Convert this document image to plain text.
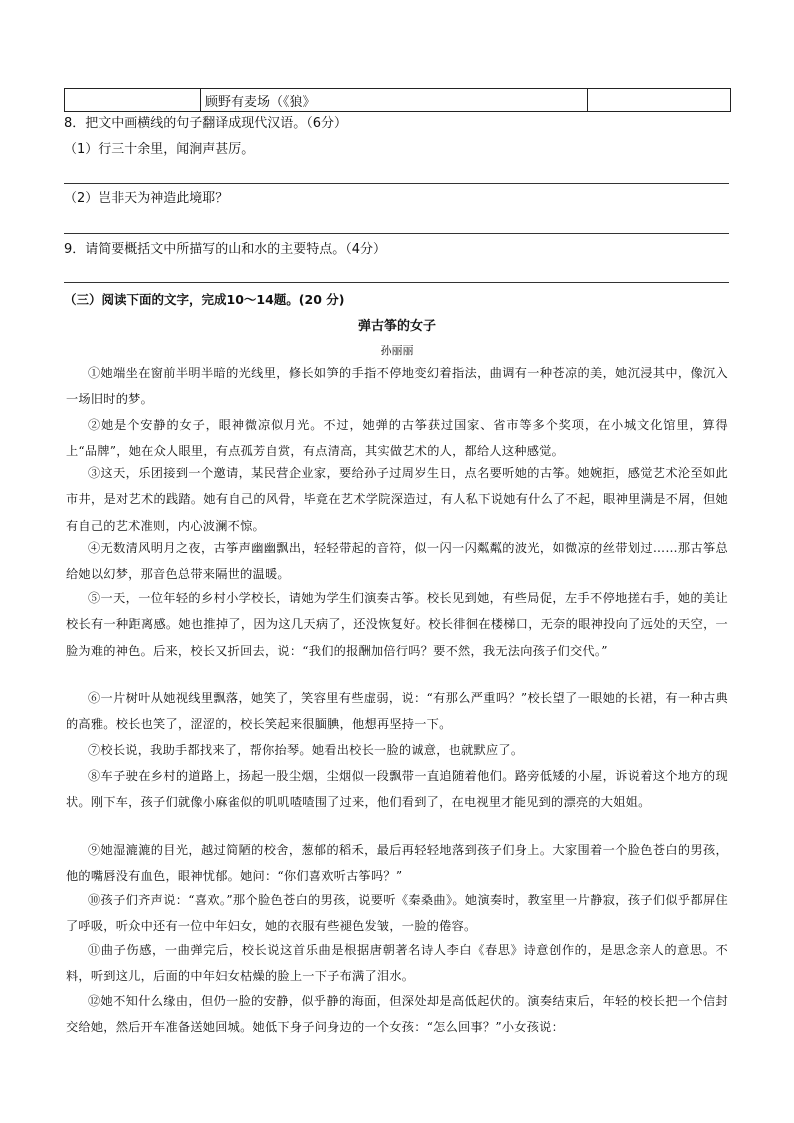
	顾野有麦场（《狼》	
8．把文中画横线的句子翻译成现代汉语。（6分）
（1）行三十余里，闻涧声甚厉。
（2）岂非天为神造此境耶？
9．请简要概括文中所描写的山和水的主要特点。（4分）
（三）阅读下面的文字，完成10～14题。(20 分)
弹古筝的女子
孙丽丽

①她端坐在窗前半明半暗的光线里，修长如笋的手指不停地变幻着指法，曲调有一种苍凉的美，她沉浸其中，像沉入一场旧时的梦。

②她是个安静的女子，眼神微凉似月光。不过，她弹的古筝获过国家、省市等多个奖项，在小城文化馆里，算得上“品牌”，她在众人眼里，有点孤芳自赏，有点清高，其实做艺术的人，都给人这种感觉。

③这天，乐团接到一个邀请，某民营企业家，要给孙子过周岁生日，点名要听她的古筝。她婉拒，感觉艺术沦至如此市井，是对艺术的践踏。她有自己的风骨，毕竟在艺术学院深造过，有人私下说她有什么了不起，眼神里满是不屑，但她有自己的艺术准则，内心波澜不惊。

④无数清风明月之夜，古筝声幽幽飘出，轻轻带起的音符，似一闪一闪粼粼的波光，如微凉的丝带划过……那古筝总给她以幻梦，那音色总带来隔世的温暖。

⑤一天，一位年轻的乡村小学校长，请她为学生们演奏古筝。校长见到她，有些局促，左手不停地搓右手，她的美让校长有一种距离感。她也推掉了，因为这几天病了，还没恢复好。校长徘徊在楼梯口，无奈的眼神投向了远处的天空，一脸为难的神色。后来，校长又折回去，说：“我们的报酬加倍行吗？要不然，我无法向孩子们交代。”

⑥一片树叶从她视线里飘落，她笑了，笑容里有些虚弱，说：“有那么严重吗？”校长望了一眼她的长裙，有一种古典的高雅。校长也笑了，涩涩的，校长笑起来很腼腆，他想再坚持一下。

⑦校长说，我助手都找来了，帮你抬琴。她看出校长一脸的诚意，也就默应了。

⑧车子驶在乡村的道路上，扬起一股尘烟，尘烟似一段飘带一直追随着他们。路旁低矮的小屋，诉说着这个地方的现状。刚下车，孩子们就像小麻雀似的叽叽喳喳围了过来，他们看到了，在电视里才能见到的漂亮的大姐姐。

⑨她湿漉漉的目光，越过简陋的校舍，葱郁的稻禾，最后再轻轻地落到孩子们身上。大家围着一个脸色苍白的男孩，他的嘴唇没有血色，眼神忧郁。她问：“你们喜欢听古筝吗？”

⑩孩子们齐声说：“喜欢。”那个脸色苍白的男孩，说要听《秦桑曲》。她演奏时，教室里一片静寂，孩子们似乎都屏住了呼吸，听众中还有一位中年妇女，她的衣服有些褪色发皱，一脸的倦容。

⑪曲子伤感，一曲弹完后，校长说这首乐曲是根据唐朝著名诗人李白《春思》诗意创作的，是思念亲人的意思。不料，听到这儿，后面的中年妇女枯燥的脸上一下子布满了泪水。

⑫她不知什么缘由，但仍一脸的安静，似乎静的海面，但深处却是高低起伏的。演奏结束后，年轻的校长把一个信封交给她，然后开车准备送她回城。她低下身子问身边的一个女孩：“怎么回事？”小女孩说：
